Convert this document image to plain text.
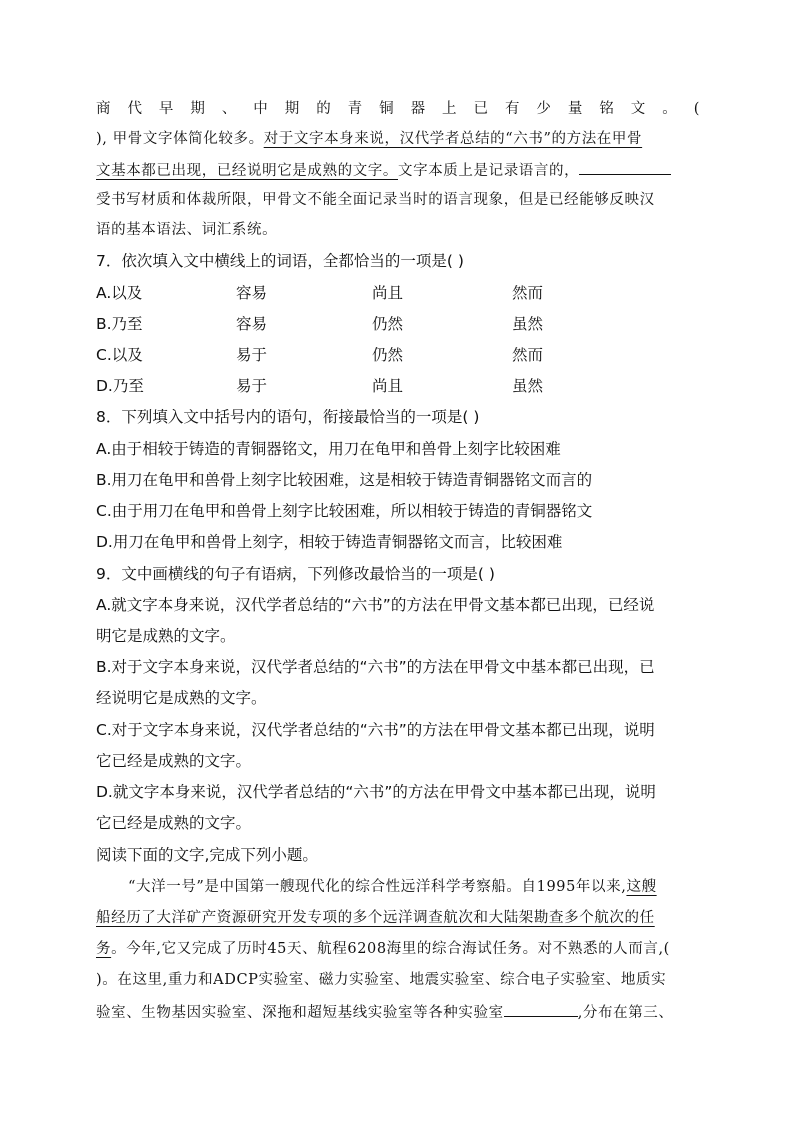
商 代 早 期 、 中 期 的 青 铜 器 上 已 有 少 量 铭 文 。 (
), 甲骨文字体简化较多。对于文字本身来说，汉代学者总结的“六书”的方法在甲骨
文基本都已出现，已经说明它是成熟的文字。文字本质上是记录语言的，
受书写材质和体裁所限，甲骨文不能全面记录当时的语言现象，但是已经能够反映汉
语的基本语法、词汇系统。
7．依次填入文中横线上的词语，全都恰当的一项是( )
A.以及	容易	尚且	然而
B.乃至	容易	仍然	虽然
C.以及	易于	仍然	然而
D.乃至	易于	尚且	虽然
8．下列填入文中括号内的语句，衔接最恰当的一项是( )
A.由于相较于铸造的青铜器铭文，用刀在龟甲和兽骨上刻字比较困难
B.用刀在龟甲和兽骨上刻字比较困难，这是相较于铸造青铜器铭文而言的
C.由于用刀在龟甲和兽骨上刻字比较困难，所以相较于铸造的青铜器铭文
D.用刀在龟甲和兽骨上刻字，相较于铸造青铜器铭文而言，比较困难
9．文中画横线的句子有语病，下列修改最恰当的一项是( )
A.就文字本身来说，汉代学者总结的“六书”的方法在甲骨文基本都已出现，已经说
明它是成熟的文字。
B.对于文字本身来说，汉代学者总结的“六书”的方法在甲骨文中基本都已出现，已
经说明它是成熟的文字。
C.对于文字本身来说，汉代学者总结的“六书”的方法在甲骨文基本都已出现，说明
它已经是成熟的文字。
D.就文字本身来说，汉代学者总结的“六书”的方法在甲骨文中基本都已出现，说明
它已经是成熟的文字。
阅读下面的文字,完成下列小题。
“大洋一号”是中国第一艘现代化的综合性远洋科学考察船。自1995年以来,这艘
船经历了大洋矿产资源研究开发专项的多个远洋调查航次和大陆架勘查多个航次的任
务。今年,它又完成了历时45天、航程6208海里的综合海试任务。对不熟悉的人而言,(
)。在这里,重力和ADCP实验室、磁力实验室、地震实验室、综合电子实验室、地质实
验室、生物基因实验室、深拖和超短基线实验室等各种实验室	,分布在第三、
